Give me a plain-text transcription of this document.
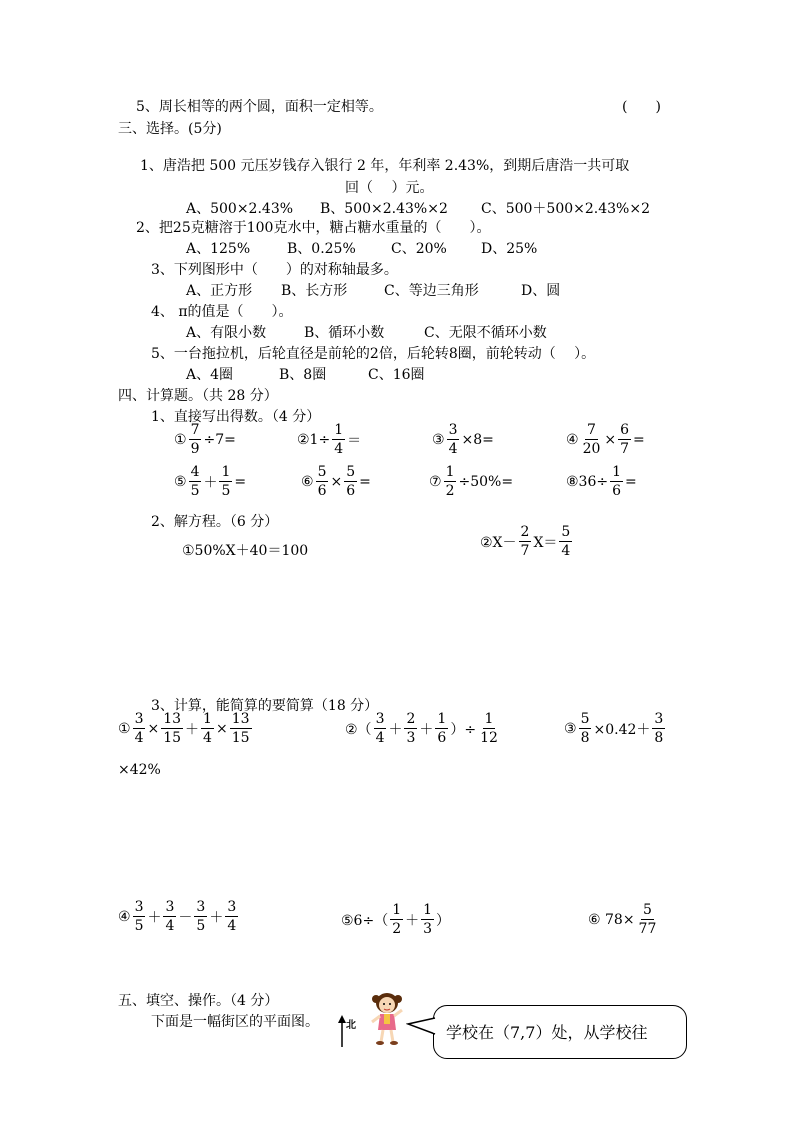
5、周长相等的两个圆，面积一定相等。	(　　)
三、选择。(5分)
1、唐浩把 500 元压岁钱存入银行 2 年，年利率 2.43%，到期后唐浩一共可取
回（　 ）元。
A、500×2.43% B、500×2.43%×2 C、500＋500×2.43%×2
2、把25克糖溶于100克水中，糖占糖水重量的（　　）。
A、125%	B、0.25%	C、20% D、25%
3、下列图形中（　　）的对称轴最多。
A、正方形 B、长方形	C、等边三角形	D、圆
4、 π的值是（　　）。
A、有限小数	B、循环小数	C、无限不循环小数
5、一台拖拉机，后轮直径是前轮的2倍，后轮转8圈，前轮转动（　 ）。
A、4圈	B、8圈	C、16圈
四、计算题。（共 28 分）
1、直接写出得数。（4 分）
① $\frac{7}{9} \div 7=$	②1÷ $\frac{1}{4}$ ＝	③ $\frac{3}{4} \times 8=$	④ $\frac{7}{20} \times \frac{6}{7}$ =
⑤ $\frac{4}{5} + \frac{1}{5}$ =	⑥ $\frac{5}{6} \times \frac{5}{6}$ =	⑦ $\frac{1}{2} \div 50\%=$	⑧36÷ $\frac{1}{6}$ =
2、解方程。（6 分）
①50%X＋40＝100
②X－ $\frac{2}{7} X= \frac{5}{4}$
3、计算，能简算的要简算（18 分）
① $\frac{3}{4} \times \frac{13}{15} + \frac{1}{4} \times \frac{13}{15}$	②（ $\frac{3}{4} + \frac{2}{3} + \frac{1}{6}$ ）÷ $\frac{1}{12}$	③ $\frac{5}{8} \times 0.42+ \frac{3}{8}$
×42%
④ $\frac{3}{5} + \frac{3}{4} - \frac{3}{5} + \frac{3}{4}$	⑤6÷（ $\frac{1}{2} + \frac{1}{3}$ ）	⑥ $78\times \frac{5}{77}$
五、填空、操作。（4 分）
下面是一幅街区的平面图。	北	学校在（7,7）处，从学校往
